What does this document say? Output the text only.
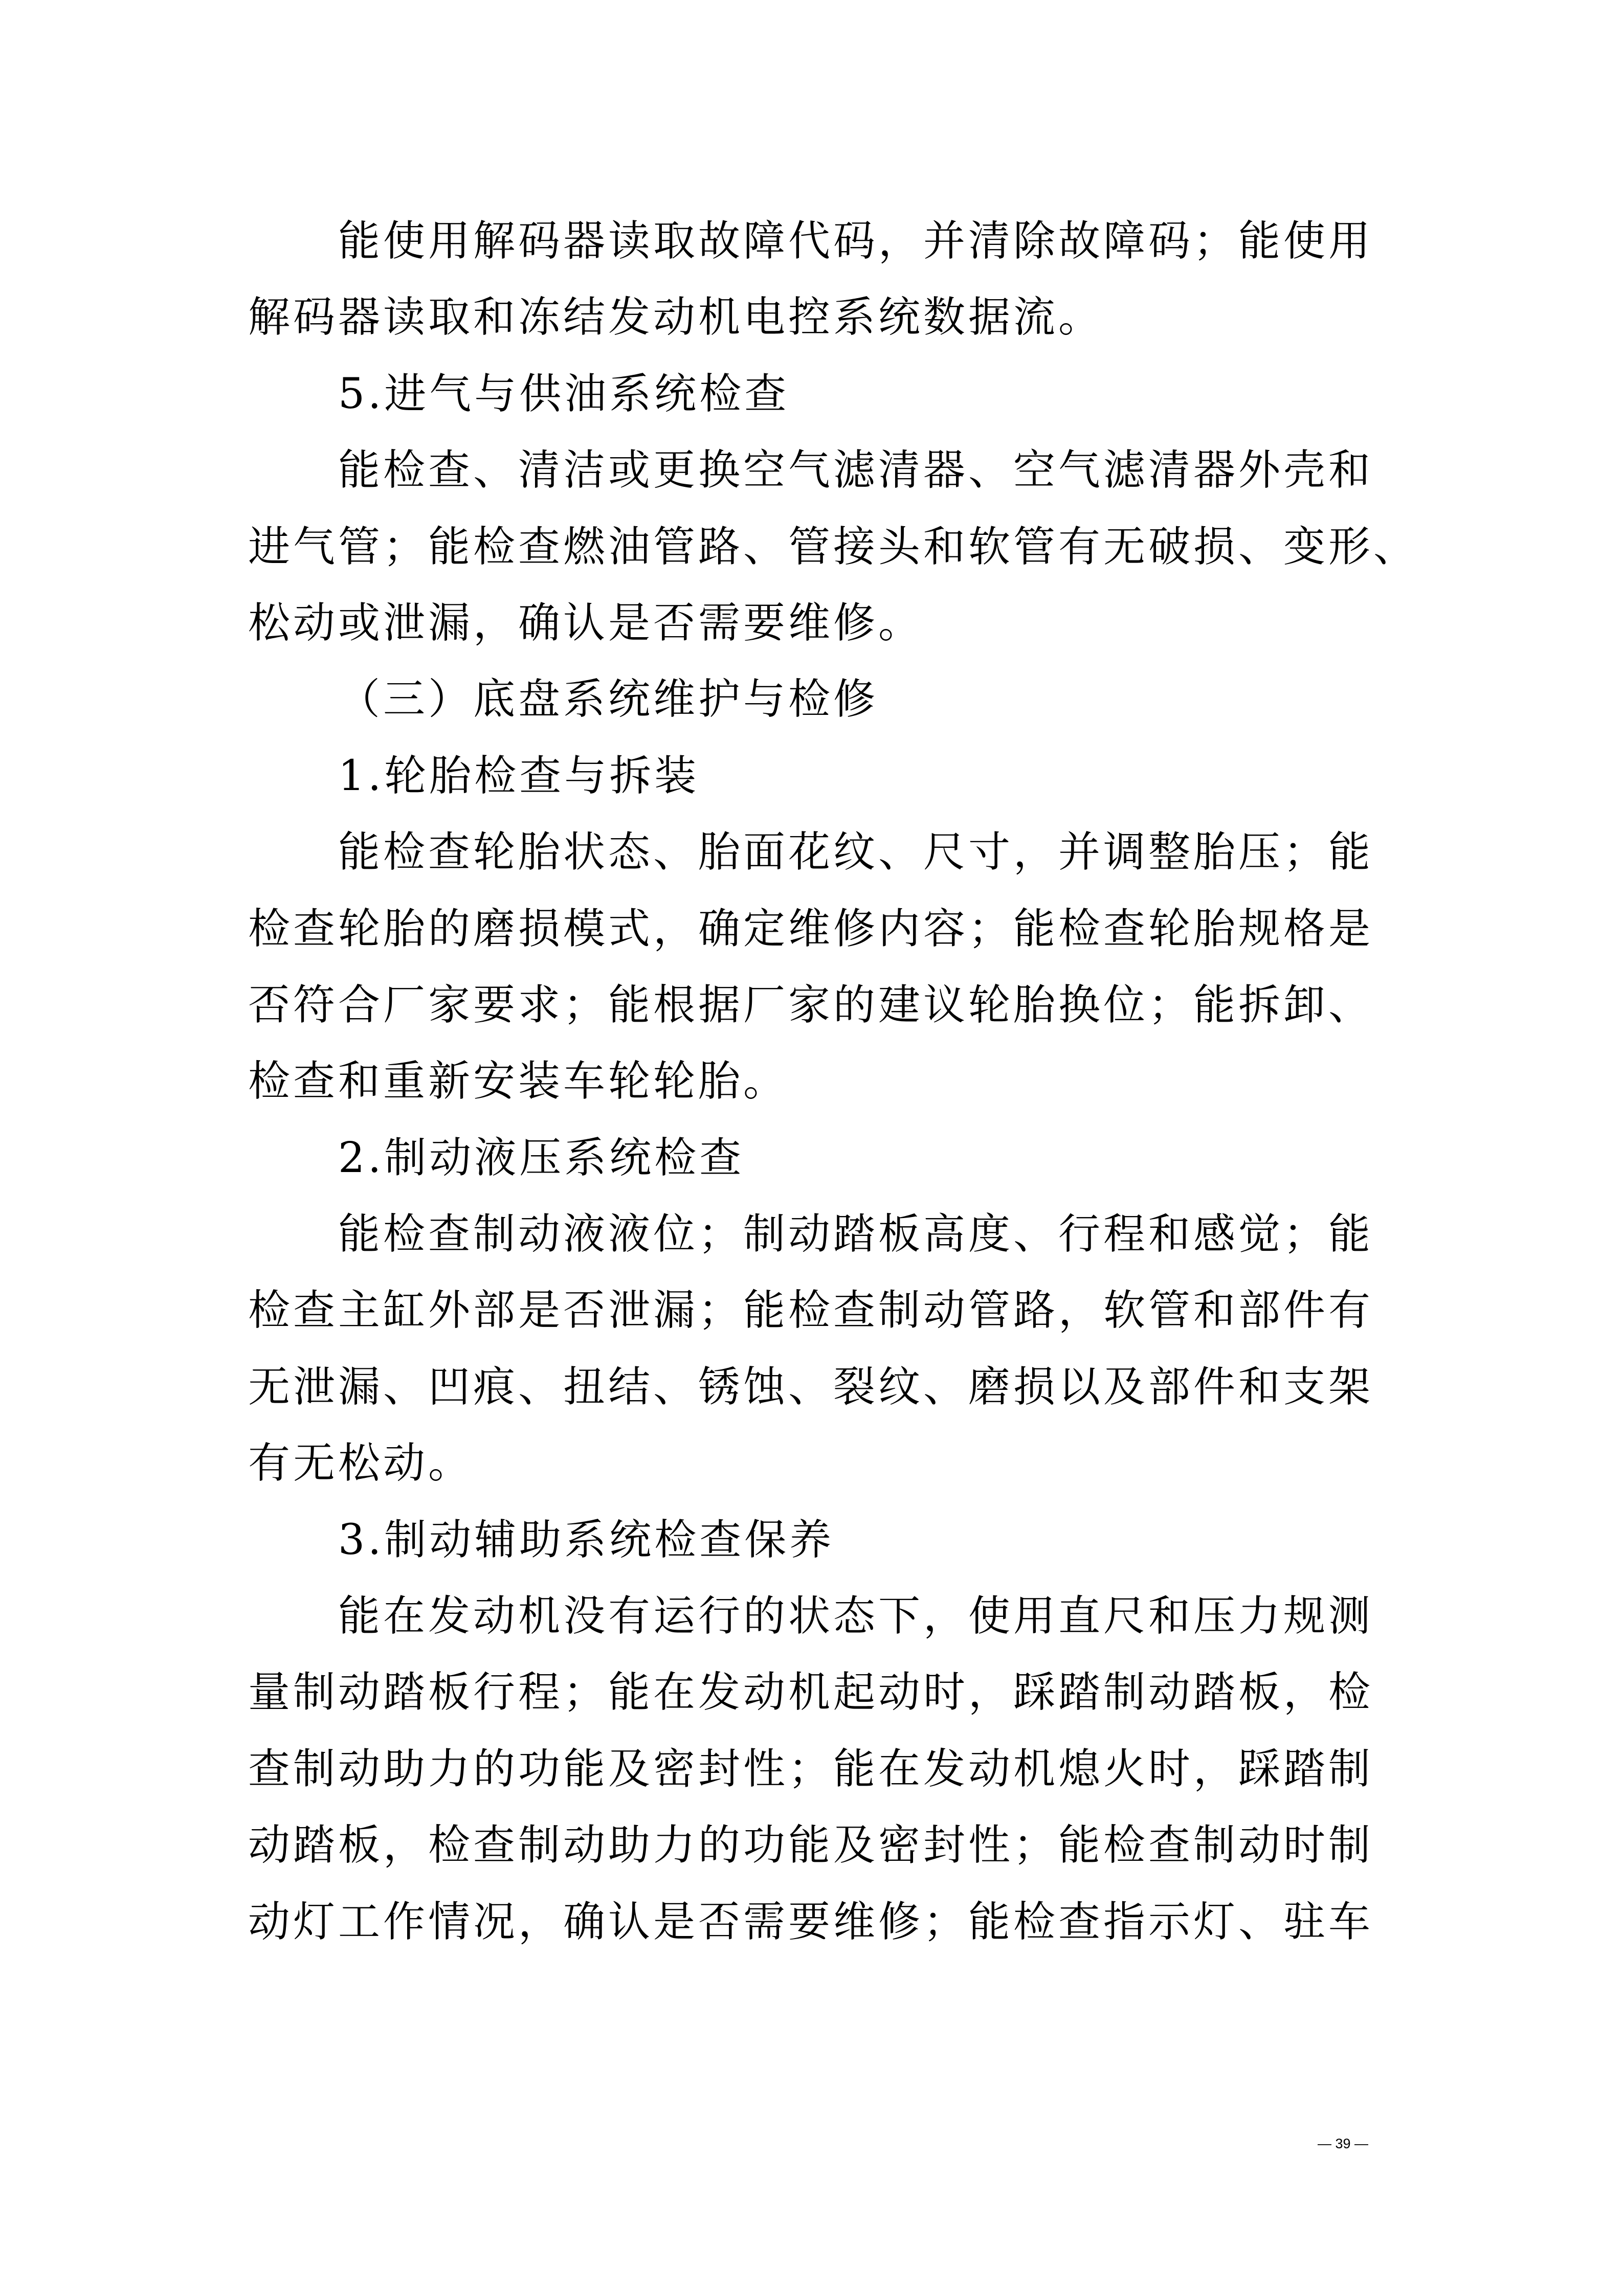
能使用解码器读取故障代码，并清除故障码；能使用
解码器读取和冻结发动机电控系统数据流。
5.进气与供油系统检查
能检查、清洁或更换空气滤清器、空气滤清器外壳和
进气管；能检查燃油管路、管接头和软管有无破损、变形、
松动或泄漏，确认是否需要维修。
（三）底盘系统维护与检修
1.轮胎检查与拆装
能检查轮胎状态、胎面花纹、尺寸，并调整胎压；能
检查轮胎的磨损模式，确定维修内容；能检查轮胎规格是
否符合厂家要求；能根据厂家的建议轮胎换位；能拆卸、
检查和重新安装车轮轮胎。
2.制动液压系统检查
能检查制动液液位；制动踏板高度、行程和感觉；能
检查主缸外部是否泄漏；能检查制动管路，软管和部件有
无泄漏、凹痕、扭结、锈蚀、裂纹、磨损以及部件和支架
有无松动。
3.制动辅助系统检查保养
能在发动机没有运行的状态下，使用直尺和压力规测
量制动踏板行程；能在发动机起动时，踩踏制动踏板，检
查制动助力的功能及密封性；能在发动机熄火时，踩踏制
动踏板，检查制动助力的功能及密封性；能检查制动时制
动灯工作情况，确认是否需要维修；能检查指示灯、驻车
— 39 —
